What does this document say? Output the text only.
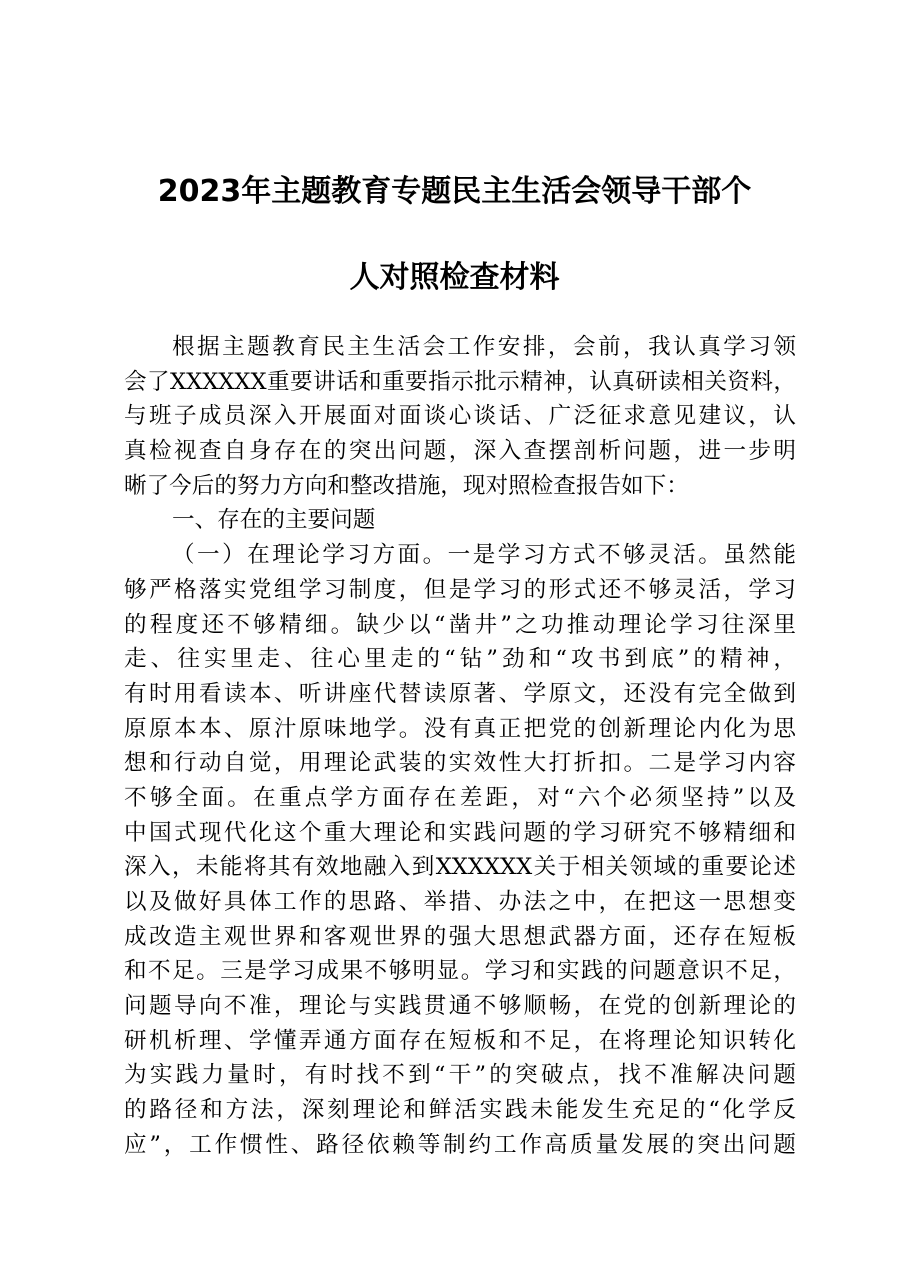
2023年主题教育专题民主生活会领导干部个
人对照检查材料
根据主题教育民主生活会工作安排，会前，我认真学习领
会了XXXXXX重要讲话和重要指示批示精神，认真研读相关资料，
与班子成员深入开展面对面谈心谈话、广泛征求意见建议，认
真检视查自身存在的突出问题，深入查摆剖析问题，进一步明
晰了今后的努力方向和整改措施，现对照检查报告如下：
一、存在的主要问题
（一）在理论学习方面。一是学习方式不够灵活。虽然能
够严格落实党组学习制度，但是学习的形式还不够灵活，学习
的程度还不够精细。缺少以“凿井”之功推动理论学习往深里
走、往实里走、往心里走的“钻”劲和“攻书到底”的精神，
有时用看读本、听讲座代替读原著、学原文，还没有完全做到
原原本本、原汁原味地学。没有真正把党的创新理论内化为思
想和行动自觉，用理论武装的实效性大打折扣。二是学习内容
不够全面。在重点学方面存在差距，对“六个必须坚持”以及
中国式现代化这个重大理论和实践问题的学习研究不够精细和
深入，未能将其有效地融入到XXXXXX关于相关领域的重要论述
以及做好具体工作的思路、举措、办法之中，在把这一思想变
成改造主观世界和客观世界的强大思想武器方面，还存在短板
和不足。三是学习成果不够明显。学习和实践的问题意识不足，
问题导向不准，理论与实践贯通不够顺畅，在党的创新理论的
研机析理、学懂弄通方面存在短板和不足，在将理论知识转化
为实践力量时，有时找不到“干”的突破点，找不准解决问题
的路径和方法，深刻理论和鲜活实践未能发生充足的“化学反
应”，工作惯性、路径依赖等制约工作高质量发展的突出问题
